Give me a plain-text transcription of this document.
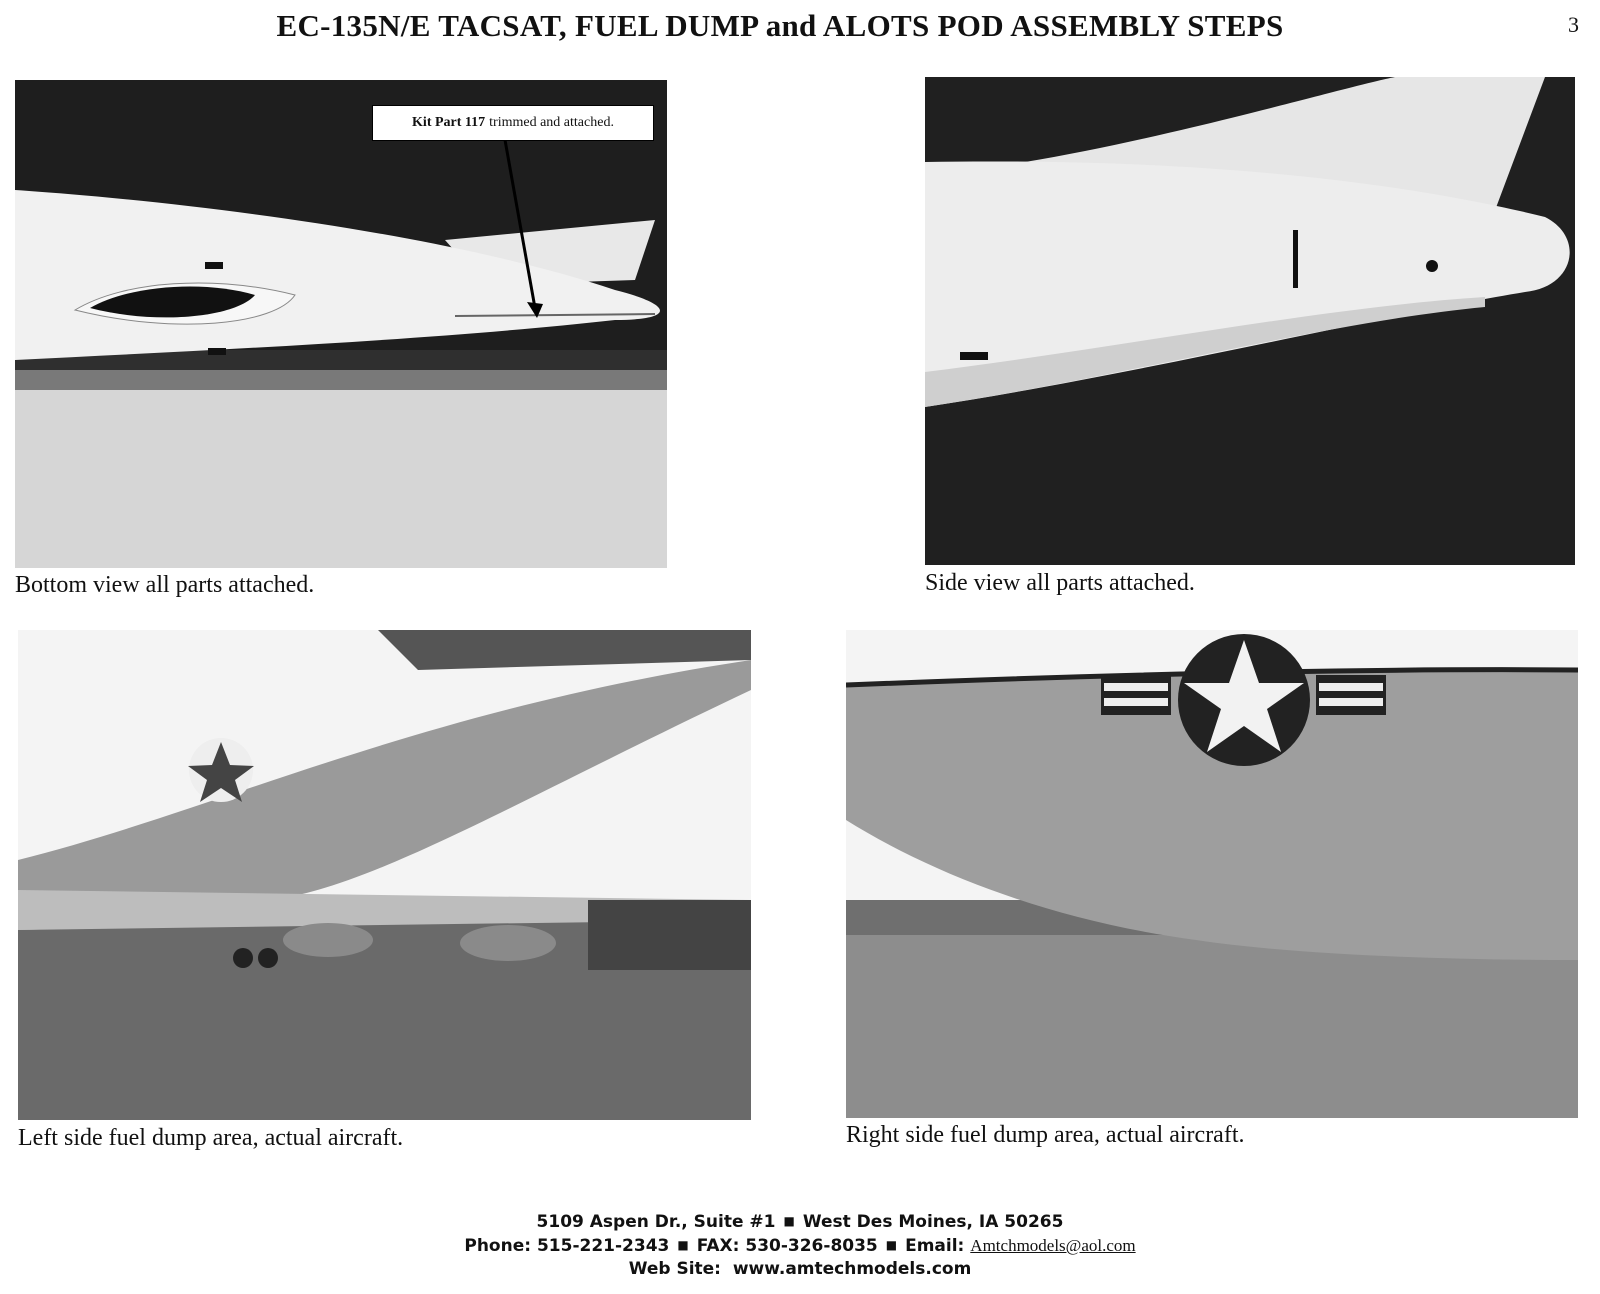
EC-135N/E TACSAT, FUEL DUMP and ALOTS POD ASSEMBLY STEPS	3
Kit Part 117 trimmed and attached.
Bottom view all parts attached.	Side view all parts attached.
Left side fuel dump area, actual aircraft.	Right side fuel dump area, actual aircraft.
5109 Aspen Dr., Suite #1 ■ West Des Moines, IA 50265
Phone: 515-221-2343 ■ FAX: 530-326-8035 ■ Email: Amtchmodels@aol.com
Web Site: www.amtechmodels.com
